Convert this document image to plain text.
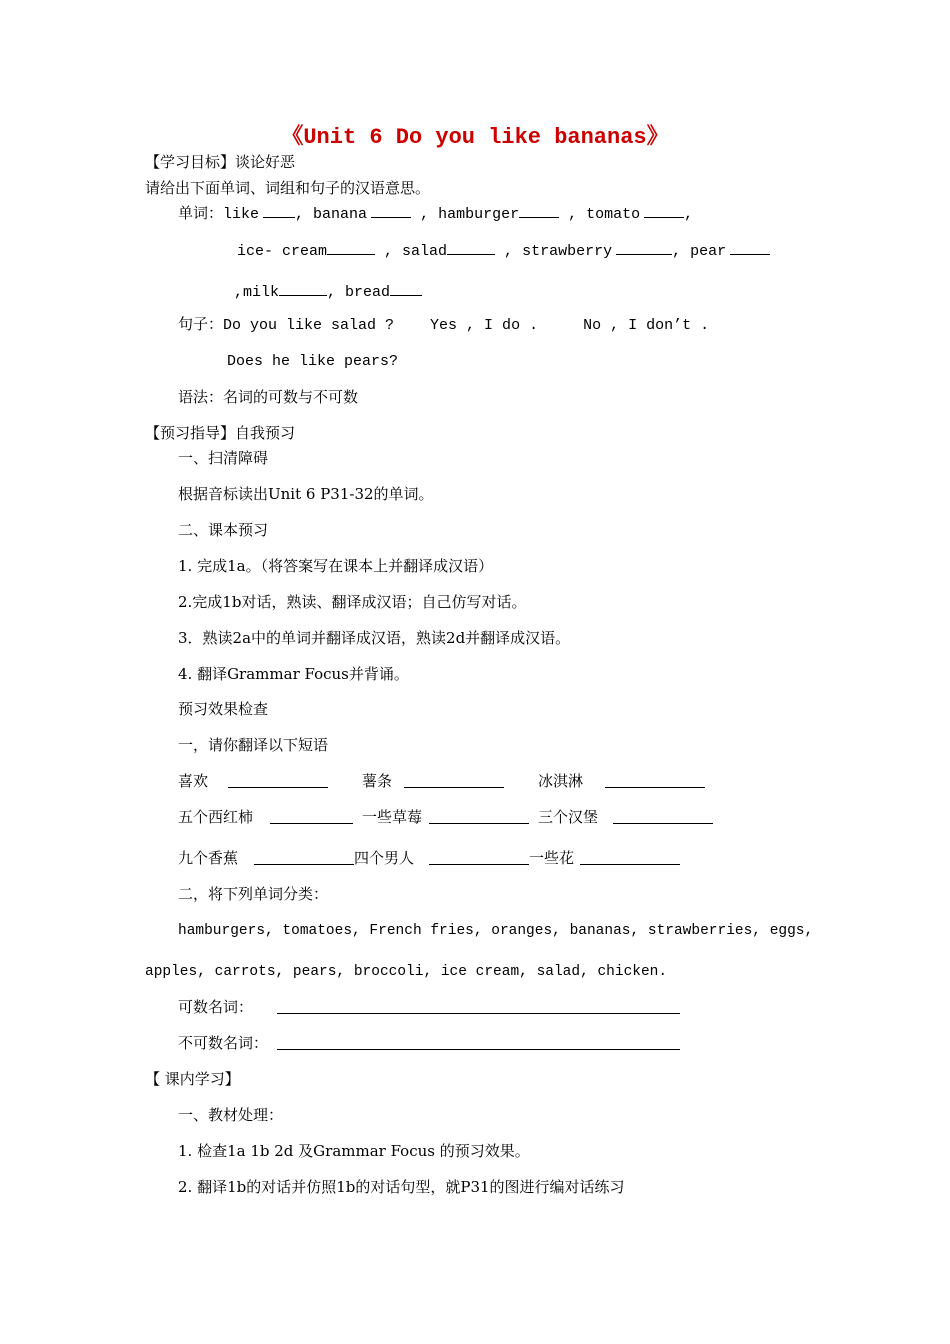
《Unit 6 Do you like bananas》
【学习目标】谈论好恶
请给出下面单词、词组和句子的汉语意思。
单词：like , banana	, hamburger	, tomato	,
ice- cream	, salad	, strawberry	, pear
,milk	, bread
句子：Do you like salad ?    Yes , I do .     No , I don’t .
Does he like pears?
语法：名词的可数与不可数
【预习指导】自我预习
一、扫清障碍
根据音标读出Unit 6 P31-32的单词。
二、课本预习
1. 完成1a。（将答案写在课本上并翻译成汉语）
2.完成1b对话，熟读、翻译成汉语；自己仿写对话。
3．熟读2a中的单词并翻译成汉语，熟读2d并翻译成汉语。
4. 翻译Grammar Focus并背诵。
预习效果检查
一，请你翻译以下短语
喜欢	薯条	冰淇淋
五个西红柿	一些草莓	三个汉堡
九个香蕉	四个男人	一些花
二，将下列单词分类：
hamburgers, tomatoes, French fries, oranges, bananas, strawberries, eggs,
apples, carrots, pears, broccoli, ice cream, salad, chicken.
可数名词：
不可数名词：
【 课内学习】
一、教材处理：
1. 检查1a 1b 2d 及Grammar Focus 的预习效果。
2. 翻译1b的对话并仿照1b的对话句型，就P31的图进行编对话练习
